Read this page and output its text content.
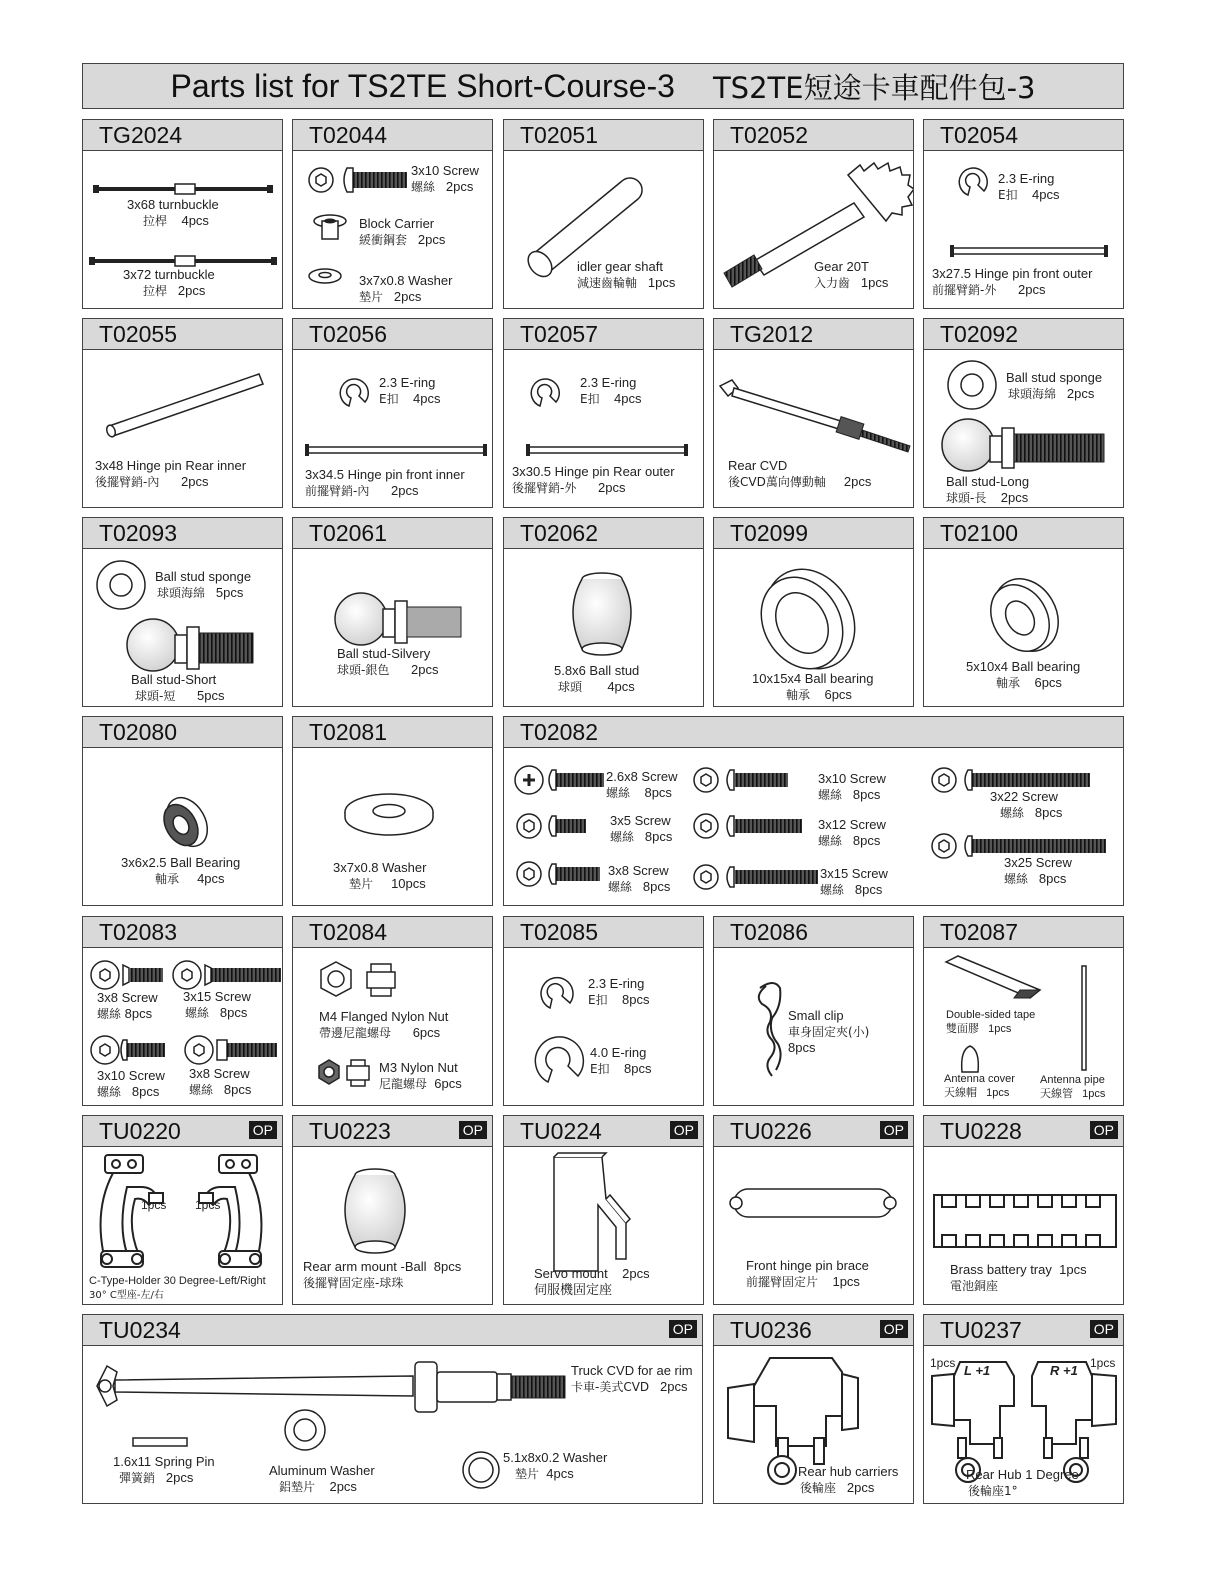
Parts list for TS2TE Short-Course-3 TS2TE短途卡車配件包-3
TG2024
3x68 turnbuckle
拉桿 4pcs
3x72 turnbuckle
拉桿 2pcs
T02044
3x10 Screw
螺絲 2pcs
Block Carrier
緩衝鋼套 2pcs
3x7x0.8 Washer
墊片 2pcs
T02051
idler gear shaft
減速齒輪軸 1pcs
T02052
Gear 20T
入力齒 1pcs
T02054
2.3 E-ring
E扣 4pcs
3x27.5 Hinge pin front outer
前擺臂銷-外 2pcs
T02055
3x48 Hinge pin Rear inner
後擺臂銷-內 2pcs
T02056
2.3 E-ring
E扣 4pcs
3x34.5 Hinge pin front inner
前擺臂銷-內 2pcs
T02057
2.3 E-ring
E扣 4pcs
3x30.5 Hinge pin Rear outer
後擺臂銷-外 2pcs
TG2012
Rear CVD
後CVD萬向傳動軸 2pcs
T02092
Ball stud sponge
球頭海綿 2pcs
Ball stud-Long
球頭-長 2pcs
T02093
Ball stud sponge
球頭海綿 5pcs
Ball stud-Short
球頭-短 5pcs
T02061
Ball stud-Silvery
球頭-銀色 2pcs
T02062
5.8x6 Ball stud
球頭 4pcs
T02099
10x15x4 Ball bearing
軸承 6pcs
T02100
5x10x4 Ball bearing
軸承 6pcs
T02080
3x6x2.5 Ball Bearing
軸承 4pcs
T02081
3x7x0.8 Washer
墊片 10pcs
T02082
2.6x8 Screw
螺絲 8pcs
3x5 Screw
螺絲 8pcs
3x8 Screw
螺絲 8pcs
3x10 Screw
螺絲 8pcs
3x12 Screw
螺絲 8pcs
3x15 Screw
螺絲 8pcs
3x22 Screw
螺絲 8pcs
3x25 Screw
螺絲 8pcs
T02083
3x8 Screw
螺絲 8pcs
3x15 Screw
螺絲 8pcs
3x10 Screw
螺絲 8pcs
3x8 Screw
螺絲 8pcs
T02084
M4 Flanged Nylon Nut
帶邊尼龍螺母 6pcs
M3 Nylon Nut
尼龍螺母 6pcs
T02085
2.3 E-ring
E扣 8pcs
4.0 E-ring
E扣 8pcs
T02086
Small clip
車身固定夾(小)
8pcs
T02087
Double-sided tape
雙面膠 1pcs
Antenna cover
天線帽 1pcs
Antenna pipe
天線管 1pcs
TU0220	OP
1pcs 1pcs
C-Type-Holder 30 Degree-Left/Right
30° C型座-左/右
TU0223	OP
Rear arm mount -Ball 8pcs
後擺臂固定座-球珠
TU0224	OP
Servo mount 2pcs
伺服機固定座
TU0226	OP
Front hinge pin brace
前擺臂固定片 1pcs
TU0228	OP
Brass battery tray 1pcs
電池銅座
TU0234	OP
Truck CVD for ae rim
卡車-美式CVD 2pcs
1.6x11 Spring Pin
彈簧銷 2pcs	Aluminum Washer
鋁墊片 2pcs
5.1x8x0.2 Washer
墊片 4pcs
TU0236	OP
Rear hub carriers
後輪座 2pcs
TU0237	OP
L +1	R +1
1pcs	1pcs
Rear Hub 1 Degree
後輪座1°
